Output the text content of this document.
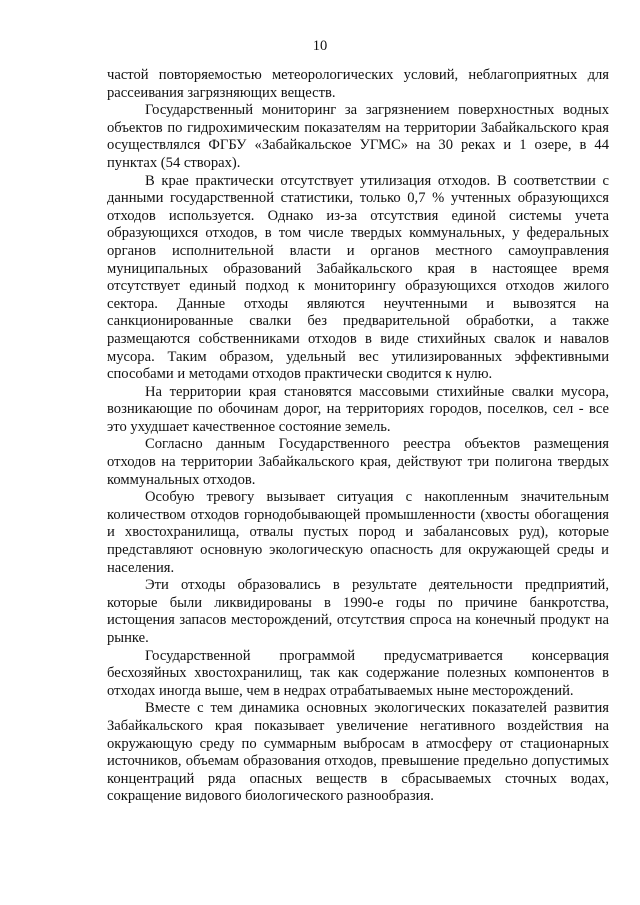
10

частой повторяемостью метеорологических условий, неблагоприятных для рассеивания загрязняющих веществ.

Государственный мониторинг за загрязнением поверхностных водных объектов по гидрохимическим показателям на территории Забайкальского края осуществлялся ФГБУ «Забайкальское УГМС» на 30 реках и 1 озере, в 44 пунктах (54 створах).

В крае практически отсутствует утилизация отходов. В соответствии с данными государственной статистики, только 0,7 % учтенных образующихся отходов используется. Однако из-за отсутствия единой системы учета образующихся отходов, в том числе твердых коммунальных, у федеральных органов исполнительной власти и органов местного самоуправления муниципальных образований Забайкальского края в настоящее время отсутствует единый подход к мониторингу образующихся отходов жилого сектора. Данные отходы являются неучтенными и вывозятся на санкционированные свалки без предварительной обработки, а также размещаются собственниками отходов в виде стихийных свалок и навалов мусора. Таким образом, удельный вес утилизированных эффективными способами и методами отходов практически сводится к нулю.

На территории края становятся массовыми стихийные свалки мусора, возникающие по обочинам дорог, на территориях городов, поселков, сел - все это ухудшает качественное состояние земель.

Согласно данным Государственного реестра объектов размещения отходов на территории Забайкальского края, действуют три полигона твердых коммунальных отходов.

Особую тревогу вызывает ситуация с накопленным значительным количеством отходов горнодобывающей промышленности (хвосты обогащения и хвостохранилища, отвалы пустых пород и забалансовых руд), которые представляют основную экологическую опасность для окружающей среды и населения.

Эти отходы образовались в результате деятельности предприятий, которые были ликвидированы в 1990-е годы по причине банкротства, истощения запасов месторождений, отсутствия спроса на конечный продукт на рынке.

Государственной программой предусматривается консервация бесхозяйных хвостохранилищ, так как содержание полезных компонентов в отходах иногда выше, чем в недрах отрабатываемых ныне месторождений.

Вместе с тем динамика основных экологических показателей развития Забайкальского края показывает увеличение негативного воздействия на окружающую среду по суммарным выбросам в атмосферу от стационарных источников, объемам образования отходов, превышение предельно допустимых концентраций ряда опасных веществ в сбрасываемых сточных водах, сокращение видового биологического разнообразия.
